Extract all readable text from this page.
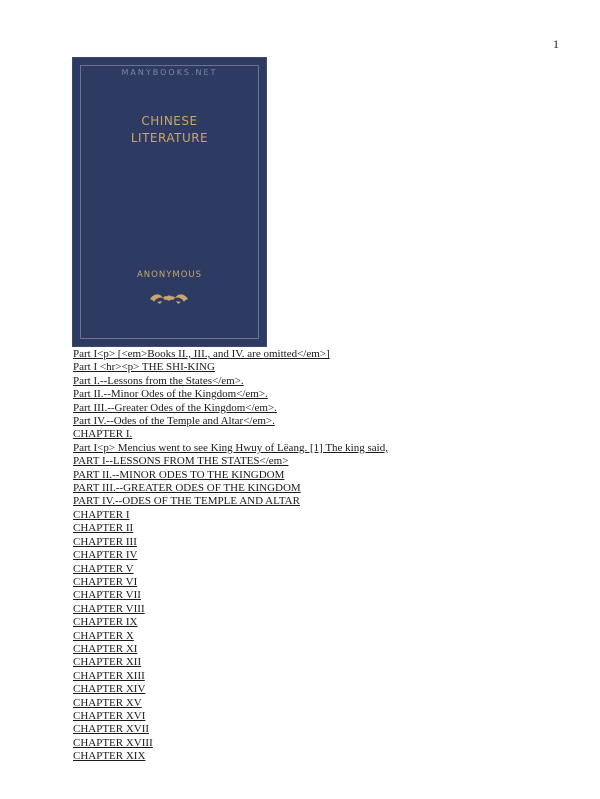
1
MANYBOOKS.NET
CHINESE
LITERATURE
ANONYMOUS
Part I<p> [<em>Books II., III., and IV. are omitted</em>]
Part I <hr><p> THE SHI-KING
Part I.--Lessons from the States</em>.
Part II.--Minor Odes of the Kingdom</em>.
Part III.--Greater Odes of the Kingdom</em>.
Part IV.--Odes of the Temple and Altar</em>.
CHAPTER I.
Part I<p> Mencius went to see King Hwuy of Lëang. [1] The king said,
PART I--LESSONS FROM THE STATES</em>
PART II.--MINOR ODES TO THE KINGDOM
PART III.--GREATER ODES OF THE KINGDOM
PART IV.--ODES OF THE TEMPLE AND ALTAR
CHAPTER I
CHAPTER II
CHAPTER III
CHAPTER IV
CHAPTER V
CHAPTER VI
CHAPTER VII
CHAPTER VIII
CHAPTER IX
CHAPTER X
CHAPTER XI
CHAPTER XII
CHAPTER XIII
CHAPTER XIV
CHAPTER XV
CHAPTER XVI
CHAPTER XVII
CHAPTER XVIII
CHAPTER XIX
